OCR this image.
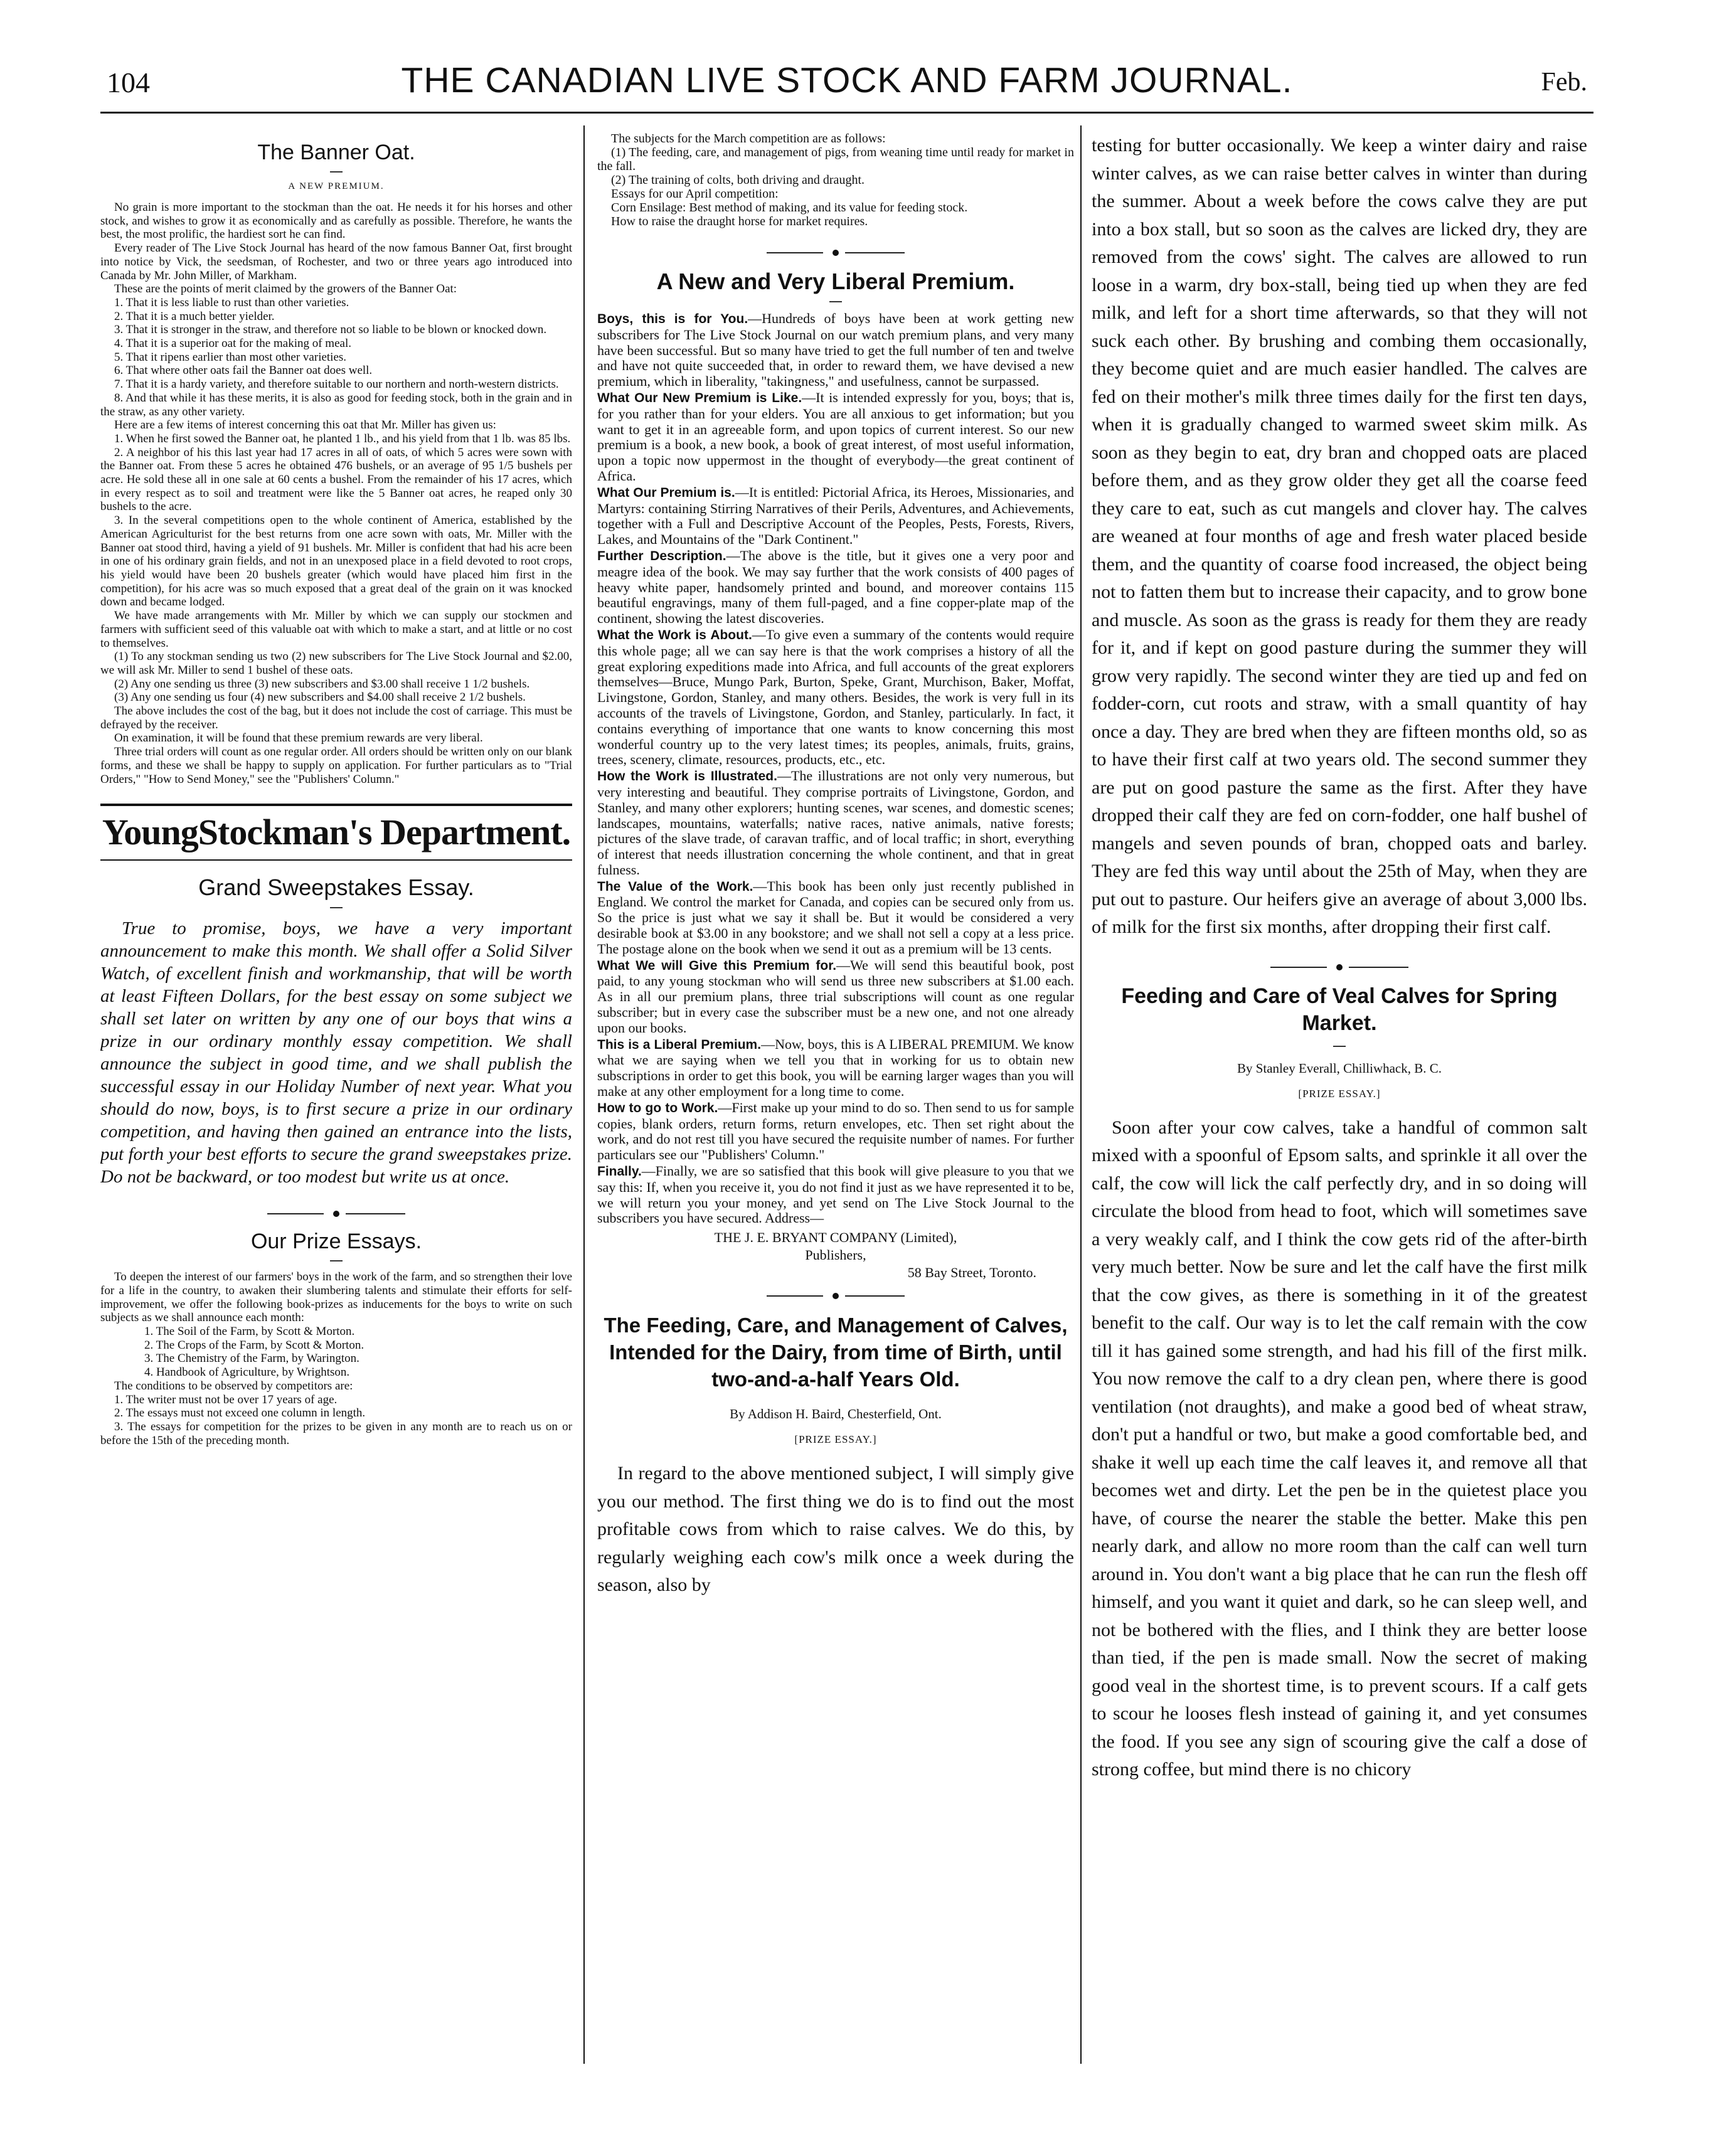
104	THE CANADIAN LIVE STOCK AND FARM JOURNAL.	Feb.
The Banner Oat.
A NEW PREMIUM.

No grain is more important to the stockman than the oat. He needs it for his horses and other stock, and wishes to grow it as economically and as carefully as possible. Therefore, he wants the best, the most prolific, the hardiest sort he can find.

Every reader of The Live Stock Journal has heard of the now famous Banner Oat, first brought into notice by Vick, the seedsman, of Rochester, and two or three years ago introduced into Canada by Mr. John Miller, of Markham.

These are the points of merit claimed by the growers of the Banner Oat:

1. That it is less liable to rust than other varieties.

2. That it is a much better yielder.

3. That it is stronger in the straw, and therefore not so liable to be blown or knocked down.

4. That it is a superior oat for the making of meal.

5. That it ripens earlier than most other varieties.

6. That where other oats fail the Banner oat does well.

7. That it is a hardy variety, and therefore suitable to our northern and north-western districts.

8. And that while it has these merits, it is also as good for feeding stock, both in the grain and in the straw, as any other variety.

Here are a few items of interest concerning this oat that Mr. Miller has given us:

1. When he first sowed the Banner oat, he planted 1 lb., and his yield from that 1 lb. was 85 lbs.

2. A neighbor of his this last year had 17 acres in all of oats, of which 5 acres were sown with the Banner oat. From these 5 acres he obtained 476 bushels, or an average of 95 1/5 bushels per acre. He sold these all in one sale at 60 cents a bushel. From the remainder of his 17 acres, which in every respect as to soil and treatment were like the 5 Banner oat acres, he reaped only 30 bushels to the acre.

3. In the several competitions open to the whole continent of America, established by the American Agriculturist for the best returns from one acre sown with oats, Mr. Miller with the Banner oat stood third, having a yield of 91 bushels. Mr. Miller is confident that had his acre been in one of his ordinary grain fields, and not in an unexposed place in a field devoted to root crops, his yield would have been 20 bushels greater (which would have placed him first in the competition), for his acre was so much exposed that a great deal of the grain on it was knocked down and became lodged.

We have made arrangements with Mr. Miller by which we can supply our stockmen and farmers with sufficient seed of this valuable oat with which to make a start, and at little or no cost to themselves.

(1) To any stockman sending us two (2) new subscribers for The Live Stock Journal and $2.00, we will ask Mr. Miller to send 1 bushel of these oats.

(2) Any one sending us three (3) new subscribers and $3.00 shall receive 1 1/2 bushels.

(3) Any one sending us four (4) new subscribers and $4.00 shall receive 2 1/2 bushels.

The above includes the cost of the bag, but it does not include the cost of carriage. This must be defrayed by the receiver.

On examination, it will be found that these premium rewards are very liberal.

Three trial orders will count as one regular order. All orders should be written only on our blank forms, and these we shall be happy to supply on application. For further particulars as to "Trial Orders," "How to Send Money," see the "Publishers' Column."

YoungStockman's Department.
Grand Sweepstakes Essay.

True to promise, boys, we have a very important announcement to make this month. We shall offer a Solid Silver Watch, of excellent finish and workmanship, that will be worth at least Fifteen Dollars, for the best essay on some subject we shall set later on written by any one of our boys that wins a prize in our ordinary monthly essay competition. We shall announce the subject in good time, and we shall publish the successful essay in our Holiday Number of next year. What you should do now, boys, is to first secure a prize in our ordinary competition, and having then gained an entrance into the lists, put forth your best efforts to secure the grand sweepstakes prize. Do not be backward, or too modest but write us at once.

Our Prize Essays.

To deepen the interest of our farmers' boys in the work of the farm, and so strengthen their love for a life in the country, to awaken their slumbering talents and stimulate their efforts for self-improvement, we offer the following book-prizes as inducements for the boys to write on such subjects as we shall announce each month:

1. The Soil of the Farm, by Scott & Morton.

2. The Crops of the Farm, by Scott & Morton.

3. The Chemistry of the Farm, by Warington.

4. Handbook of Agriculture, by Wrightson.

The conditions to be observed by competitors are:

1. The writer must not be over 17 years of age.

2. The essays must not exceed one column in length.

3. The essays for competition for the prizes to be given in any month are to reach us on or before the 15th of the preceding month.

The subjects for the March competition are as follows:

(1) The feeding, care, and management of pigs, from weaning time until ready for market in the fall.

(2) The training of colts, both driving and draught.

Essays for our April competition:

Corn Ensilage: Best method of making, and its value for feeding stock.

How to raise the draught horse for market requires.

A New and Very Liberal Premium.

Boys, this is for You.—Hundreds of boys have been at work getting new subscribers for The Live Stock Journal on our watch premium plans, and very many have been successful. But so many have tried to get the full number of ten and twelve and have not quite succeeded that, in order to reward them, we have devised a new premium, which in liberality, "takingness," and usefulness, cannot be surpassed.

What Our New Premium is Like.—It is intended expressly for you, boys; that is, for you rather than for your elders. You are all anxious to get information; but you want to get it in an agreeable form, and upon topics of current interest. So our new premium is a book, a new book, a book of great interest, of most useful information, upon a topic now uppermost in the thought of everybody—the great continent of Africa.

What Our Premium is.—It is entitled: Pictorial Africa, its Heroes, Missionaries, and Martyrs: containing Stirring Narratives of their Perils, Adventures, and Achievements, together with a Full and Descriptive Account of the Peoples, Pests, Forests, Rivers, Lakes, and Mountains of the "Dark Continent."

Further Description.—The above is the title, but it gives one a very poor and meagre idea of the book. We may say further that the work consists of 400 pages of heavy white paper, handsomely printed and bound, and moreover contains 115 beautiful engravings, many of them full-paged, and a fine copper-plate map of the continent, showing the latest discoveries.

What the Work is About.—To give even a summary of the contents would require this whole page; all we can say here is that the work comprises a history of all the great exploring expeditions made into Africa, and full accounts of the great explorers themselves—Bruce, Mungo Park, Burton, Speke, Grant, Murchison, Baker, Moffat, Livingstone, Gordon, Stanley, and many others. Besides, the work is very full in its accounts of the travels of Livingstone, Gordon, and Stanley, particularly. In fact, it contains everything of importance that one wants to know concerning this most wonderful country up to the very latest times; its peoples, animals, fruits, grains, trees, scenery, climate, resources, products, etc., etc.

How the Work is Illustrated.—The illustrations are not only very numerous, but very interesting and beautiful. They comprise portraits of Livingstone, Gordon, and Stanley, and many other explorers; hunting scenes, war scenes, and domestic scenes; landscapes, mountains, waterfalls; native races, native animals, native forests; pictures of the slave trade, of caravan traffic, and of local traffic; in short, everything of interest that needs illustration concerning the whole continent, and that in great fulness.

The Value of the Work.—This book has been only just recently published in England. We control the market for Canada, and copies can be secured only from us. So the price is just what we say it shall be. But it would be considered a very desirable book at $3.00 in any bookstore; and we shall not sell a copy at a less price. The postage alone on the book when we send it out as a premium will be 13 cents.

What We will Give this Premium for.—We will send this beautiful book, post paid, to any young stockman who will send us three new subscribers at $1.00 each. As in all our premium plans, three trial subscriptions will count as one regular subscriber; but in every case the subscriber must be a new one, and not one already upon our books.

This is a Liberal Premium.—Now, boys, this is A LIBERAL PREMIUM. We know what we are saying when we tell you that in working for us to obtain new subscriptions in order to get this book, you will be earning larger wages than you will make at any other employment for a long time to come.

How to go to Work.—First make up your mind to do so. Then send to us for sample copies, blank orders, return forms, return envelopes, etc. Then set right about the work, and do not rest till you have secured the requisite number of names. For further particulars see our "Publishers' Column."

Finally.—Finally, we are so satisfied that this book will give pleasure to you that we say this: If, when you receive it, you do not find it just as we have represented it to be, we will return you your money, and yet send on The Live Stock Journal to the subscribers you have secured. Address—

THE J. E. BRYANT COMPANY (Limited),
Publishers,
58 Bay Street, Toronto.
The Feeding, Care, and Management of Calves, Intended for the Dairy, from time of Birth, until two-and-a-half Years Old.
By Addison H. Baird, Chesterfield, Ont.
[PRIZE ESSAY.]

In regard to the above mentioned subject, I will simply give you our method. The first thing we do is to find out the most profitable cows from which to raise calves. We do this, by regularly weighing each cow's milk once a week during the season, also by

testing for butter occasionally. We keep a winter dairy and raise winter calves, as we can raise better calves in winter than during the summer. About a week before the cows calve they are put into a box stall, but so soon as the calves are licked dry, they are removed from the cows' sight. The calves are allowed to run loose in a warm, dry box-stall, being tied up when they are fed milk, and left for a short time afterwards, so that they will not suck each other. By brushing and combing them occasionally, they become quiet and are much easier handled. The calves are fed on their mother's milk three times daily for the first ten days, when it is gradually changed to warmed sweet skim milk. As soon as they begin to eat, dry bran and chopped oats are placed before them, and as they grow older they get all the coarse feed they care to eat, such as cut mangels and clover hay. The calves are weaned at four months of age and fresh water placed beside them, and the quantity of coarse food increased, the object being not to fatten them but to increase their capacity, and to grow bone and muscle. As soon as the grass is ready for them they are ready for it, and if kept on good pasture during the summer they will grow very rapidly. The second winter they are tied up and fed on fodder-corn, cut roots and straw, with a small quantity of hay once a day. They are bred when they are fifteen months old, so as to have their first calf at two years old. The second summer they are put on good pasture the same as the first. After they have dropped their calf they are fed on corn-fodder, one half bushel of mangels and seven pounds of bran, chopped oats and barley. They are fed this way until about the 25th of May, when they are put out to pasture. Our heifers give an average of about 3,000 lbs. of milk for the first six months, after dropping their first calf.

Feeding and Care of Veal Calves for Spring Market.
By Stanley Everall, Chilliwhack, B. C.
[PRIZE ESSAY.]

Soon after your cow calves, take a handful of common salt mixed with a spoonful of Epsom salts, and sprinkle it all over the calf, the cow will lick the calf perfectly dry, and in so doing will circulate the blood from head to foot, which will sometimes save a very weakly calf, and I think the cow gets rid of the after-birth very much better. Now be sure and let the calf have the first milk that the cow gives, as there is something in it of the greatest benefit to the calf. Our way is to let the calf remain with the cow till it has gained some strength, and had his fill of the first milk. You now remove the calf to a dry clean pen, where there is good ventilation (not draughts), and make a good bed of wheat straw, don't put a handful or two, but make a good comfortable bed, and shake it well up each time the calf leaves it, and remove all that becomes wet and dirty. Let the pen be in the quietest place you have, of course the nearer the stable the better. Make this pen nearly dark, and allow no more room than the calf can well turn around in. You don't want a big place that he can run the flesh off himself, and you want it quiet and dark, so he can sleep well, and not be bothered with the flies, and I think they are better loose than tied, if the pen is made small. Now the secret of making good veal in the shortest time, is to prevent scours. If a calf gets to scour he looses flesh instead of gaining it, and yet consumes the food. If you see any sign of scouring give the calf a dose of strong coffee, but mind there is no chicory
